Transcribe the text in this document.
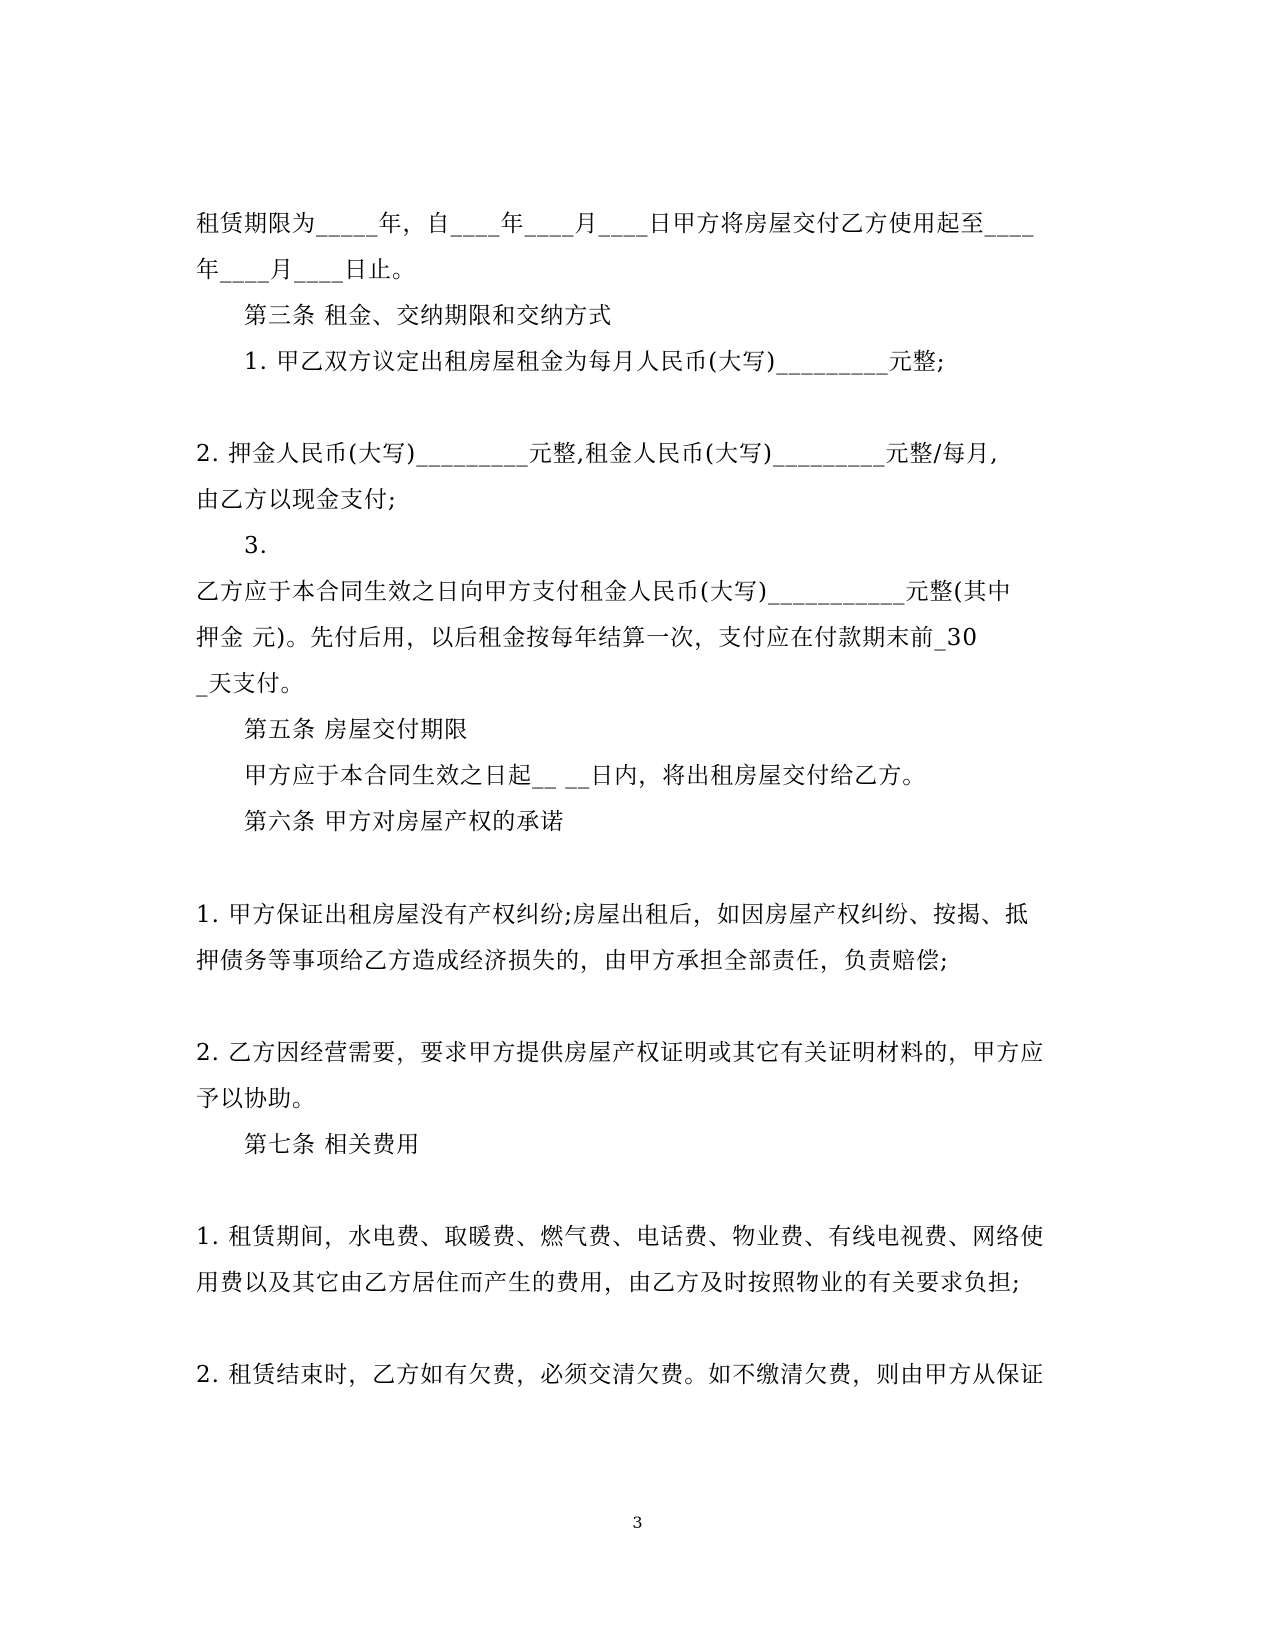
租赁期限为_____年，自____年____月____日甲方将房屋交付乙方使用起至____
年____月____日止。
第三条 租金、交纳期限和交纳方式
1. 甲乙双方议定出租房屋租金为每月人民币(大写)_________元整;
2. 押金人民币(大写)_________元整,租金人民币(大写)_________元整/每月,
由乙方以现金支付;
3.
乙方应于本合同生效之日向甲方支付租金人民币(大写)___________元整(其中
押金 元)。先付后用，以后租金按每年结算一次，支付应在付款期末前_30
_天支付。
第五条 房屋交付期限
甲方应于本合同生效之日起__ __日内，将出租房屋交付给乙方。
第六条 甲方对房屋产权的承诺
1. 甲方保证出租房屋没有产权纠纷;房屋出租后，如因房屋产权纠纷、按揭、抵
押债务等事项给乙方造成经济损失的，由甲方承担全部责任，负责赔偿;
2. 乙方因经营需要，要求甲方提供房屋产权证明或其它有关证明材料的，甲方应
予以协助。
第七条 相关费用
1. 租赁期间，水电费、取暖费、燃气费、电话费、物业费、有线电视费、网络使
用费以及其它由乙方居住而产生的费用，由乙方及时按照物业的有关要求负担;
2. 租赁结束时，乙方如有欠费，必须交清欠费。如不缴清欠费，则由甲方从保证
3
